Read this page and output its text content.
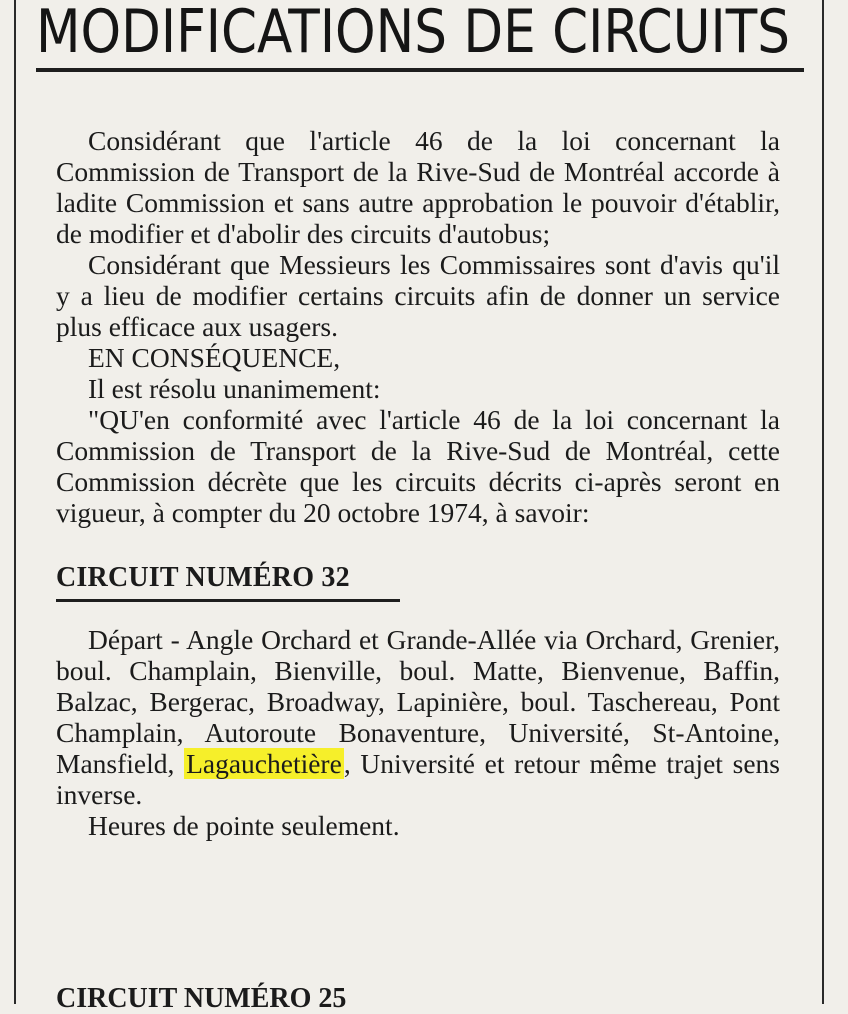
MODIFICATIONS DE CIRCUITS

Considérant que l'article 46 de la loi concernant la Commission de Transport de la Rive-Sud de Montréal accorde à ladite Commission et sans autre approbation le pouvoir d'établir, de modifier et d'abolir des circuits d'autobus;

Considérant que Messieurs les Commissaires sont d'avis qu'il y a lieu de modifier certains circuits afin de donner un service plus efficace aux usagers.

EN CONSÉQUENCE,

Il est résolu unanimement:

"QU'en conformité avec l'article 46 de la loi concernant la Commission de Transport de la Rive-Sud de Montréal, cette Commission décrète que les circuits décrits ci-après seront en vigueur, à compter du 20 octobre 1974, à savoir:

CIRCUIT NUMÉRO 32

Départ - Angle Orchard et Grande-Allée via Orchard, Grenier, boul. Champlain, Bienville, boul. Matte, Bienvenue, Baffin, Balzac, Bergerac, Broadway, Lapinière, boul. Taschereau, Pont Champlain, Autoroute Bonaventure, Université, St-Antoine, Mansfield, Lagauchetière, Université et retour même trajet sens inverse.

Heures de pointe seulement.

CIRCUIT NUMÉRO 25
